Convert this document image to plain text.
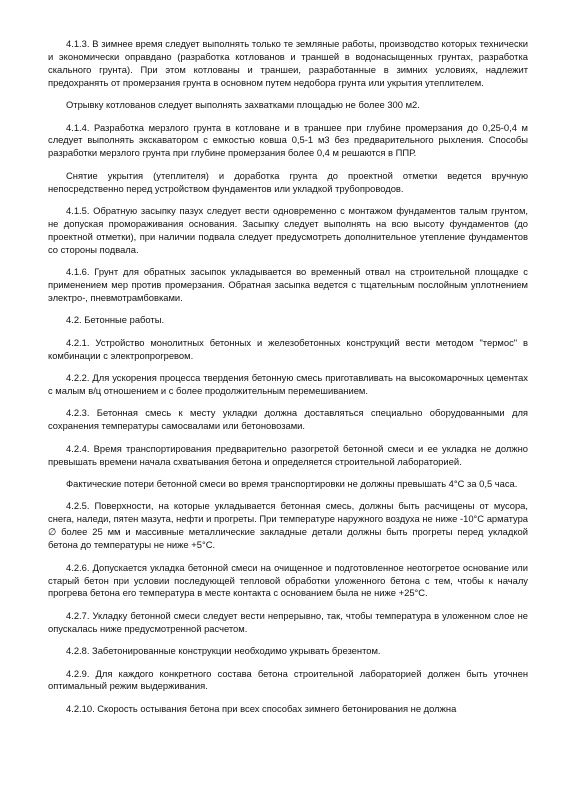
4.1.3. В зимнее время следует выполнять только те земляные работы, производство которых технически и экономически оправдано (разработка котлованов и траншей в водонасыщенных грунтах, разработка скального грунта). При этом котлованы и траншеи, разработанные в зимних условиях, надлежит предохранять от промерзания грунта в основном путем недобора грунта или укрытия утеплителем.

Отрывку котлованов следует выполнять захватками площадью не более 300 м2.

4.1.4. Разработка мерзлого грунта в котловане и в траншее при глубине промерзания до 0,25-0,4 м следует выполнять экскаватором с емкостью ковша 0,5-1 м3 без предварительного рыхления. Способы разработки мерзлого грунта при глубине промерзания более 0,4 м решаются в ППР.

Снятие укрытия (утеплителя) и доработка грунта до проектной отметки ведется вручную непосредственно перед устройством фундаментов или укладкой трубопроводов.

4.1.5. Обратную засыпку пазух следует вести одновременно с монтажом фундаментов талым грунтом, не допуская проморaживания основания. Засыпку следует выполнять на всю высоту фундаментов (до проектной отметки), при наличии подвала следует предусмотреть дополнительное утепление фундаментов со стороны подвала.

4.1.6. Грунт для обратных засыпок укладывается во временный отвал на строительной площадке с применением мер против промерзания. Обратная засыпка ведется с тщательным послойным уплотнением электро-, пневмотрамбовками.

4.2. Бетонные работы.

4.2.1. Устройство монолитных бетонных и железобетонных конструкций вести методом "термос" в комбинации с электропрогревом.

4.2.2. Для ускорения процесса твердения бетонную смесь приготавливать на высокомарочных цементах с малым в/ц отношением и с более продолжительным перемешиванием.

4.2.3. Бетонная смесь к месту укладки должна доставляться специально оборудованными для сохранения температуры самосвалами или бетоновозами.

4.2.4. Время транспортирования предварительно разогретой бетонной смеси и ее укладка не должно превышать времени начала схватывания бетона и определяется строительной лабораторией.

Фактические потери бетонной смеси во время транспортировки не должны превышать 4°С за 0,5 часа.

4.2.5. Поверхности, на которые укладывается бетонная смесь, должны быть расчищены от мусора, снега, наледи, пятен мазута, нефти и прогреты. При температуре наружного воздуха не ниже -10°С арматура ∅ более 25 мм и массивные металлические закладные детали должны быть прогреты перед укладкой бетона до температуры не ниже +5°С.

4.2.6. Допускается укладка бетонной смеси на очищенное и подготовленное неотогретое основание или старый бетон при условии последующей тепловой обработки уложенного бетона с тем, чтобы к началу прогрева бетона его температура в месте контакта с основанием была не ниже +25°С.

4.2.7. Укладку бетонной смеси следует вести непрерывно, так, чтобы температура в уложенном слое не опускалась ниже предусмотренной расчетом.

4.2.8. Забетонированные конструкции необходимо укрывать брезентом.

4.2.9. Для каждого конкретного состава бетона строительной лабораторией должен быть уточнен оптимальный режим выдерживания.

4.2.10. Скорость остывания бетона при всех способах зимнего бетонирования не должна
